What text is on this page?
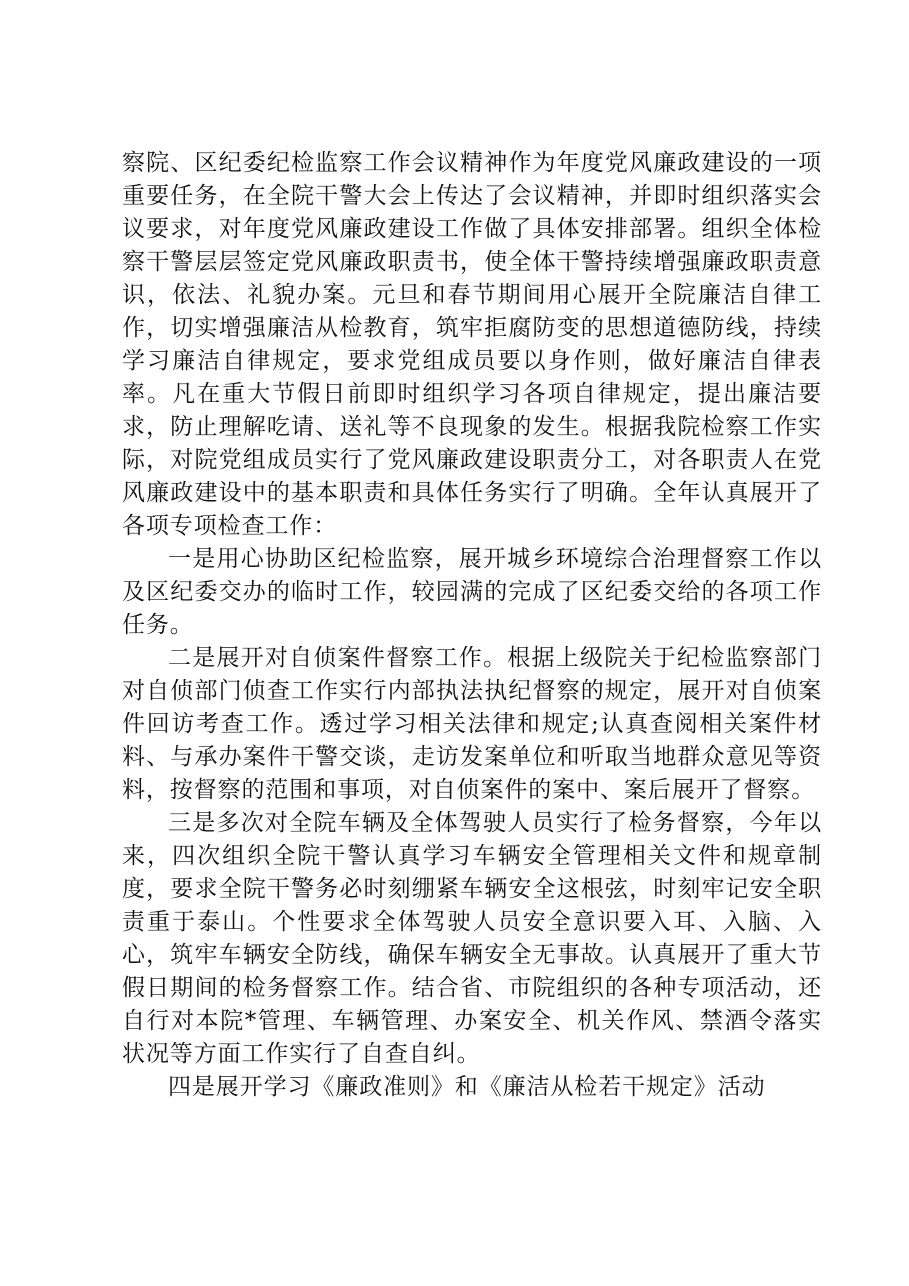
察院、区纪委纪检监察工作会议精神作为年度党风廉政建设的一项重要任务，在全院干警大会上传达了会议精神，并即时组织落实会议要求，对年度党风廉政建设工作做了具体安排部署。组织全体检察干警层层签定党风廉政职责书，使全体干警持续增强廉政职责意识，依法、礼貌办案。元旦和春节期间用心展开全院廉洁自律工作，切实增强廉洁从检教育，筑牢拒腐防变的思想道德防线，持续学习廉洁自律规定，要求党组成员要以身作则，做好廉洁自律表率。凡在重大节假日前即时组织学习各项自律规定，提出廉洁要求，防止理解吃请、送礼等不良现象的发生。根据我院检察工作实际，对院党组成员实行了党风廉政建设职责分工，对各职责人在党风廉政建设中的基本职责和具体任务实行了明确。全年认真展开了各项专项检查工作：

一是用心协助区纪检监察，展开城乡环境综合治理督察工作以及区纪委交办的临时工作，较园满的完成了区纪委交给的各项工作任务。

二是展开对自侦案件督察工作。根据上级院关于纪检监察部门对自侦部门侦查工作实行内部执法执纪督察的规定，展开对自侦案件回访考查工作。透过学习相关法律和规定;认真查阅相关案件材料、与承办案件干警交谈，走访发案单位和听取当地群众意见等资料，按督察的范围和事项，对自侦案件的案中、案后展开了督察。

三是多次对全院车辆及全体驾驶人员实行了检务督察，今年以来，四次组织全院干警认真学习车辆安全管理相关文件和规章制度，要求全院干警务必时刻绷紧车辆安全这根弦，时刻牢记安全职责重于泰山。个性要求全体驾驶人员安全意识要入耳、入脑、入心，筑牢车辆安全防线，确保车辆安全无事故。认真展开了重大节假日期间的检务督察工作。结合省、市院组织的各种专项活动，还自行对本院*管理、车辆管理、办案安全、机关作风、禁酒令落实状况等方面工作实行了自查自纠。

四是展开学习《廉政准则》和《廉洁从检若干规定》活动
